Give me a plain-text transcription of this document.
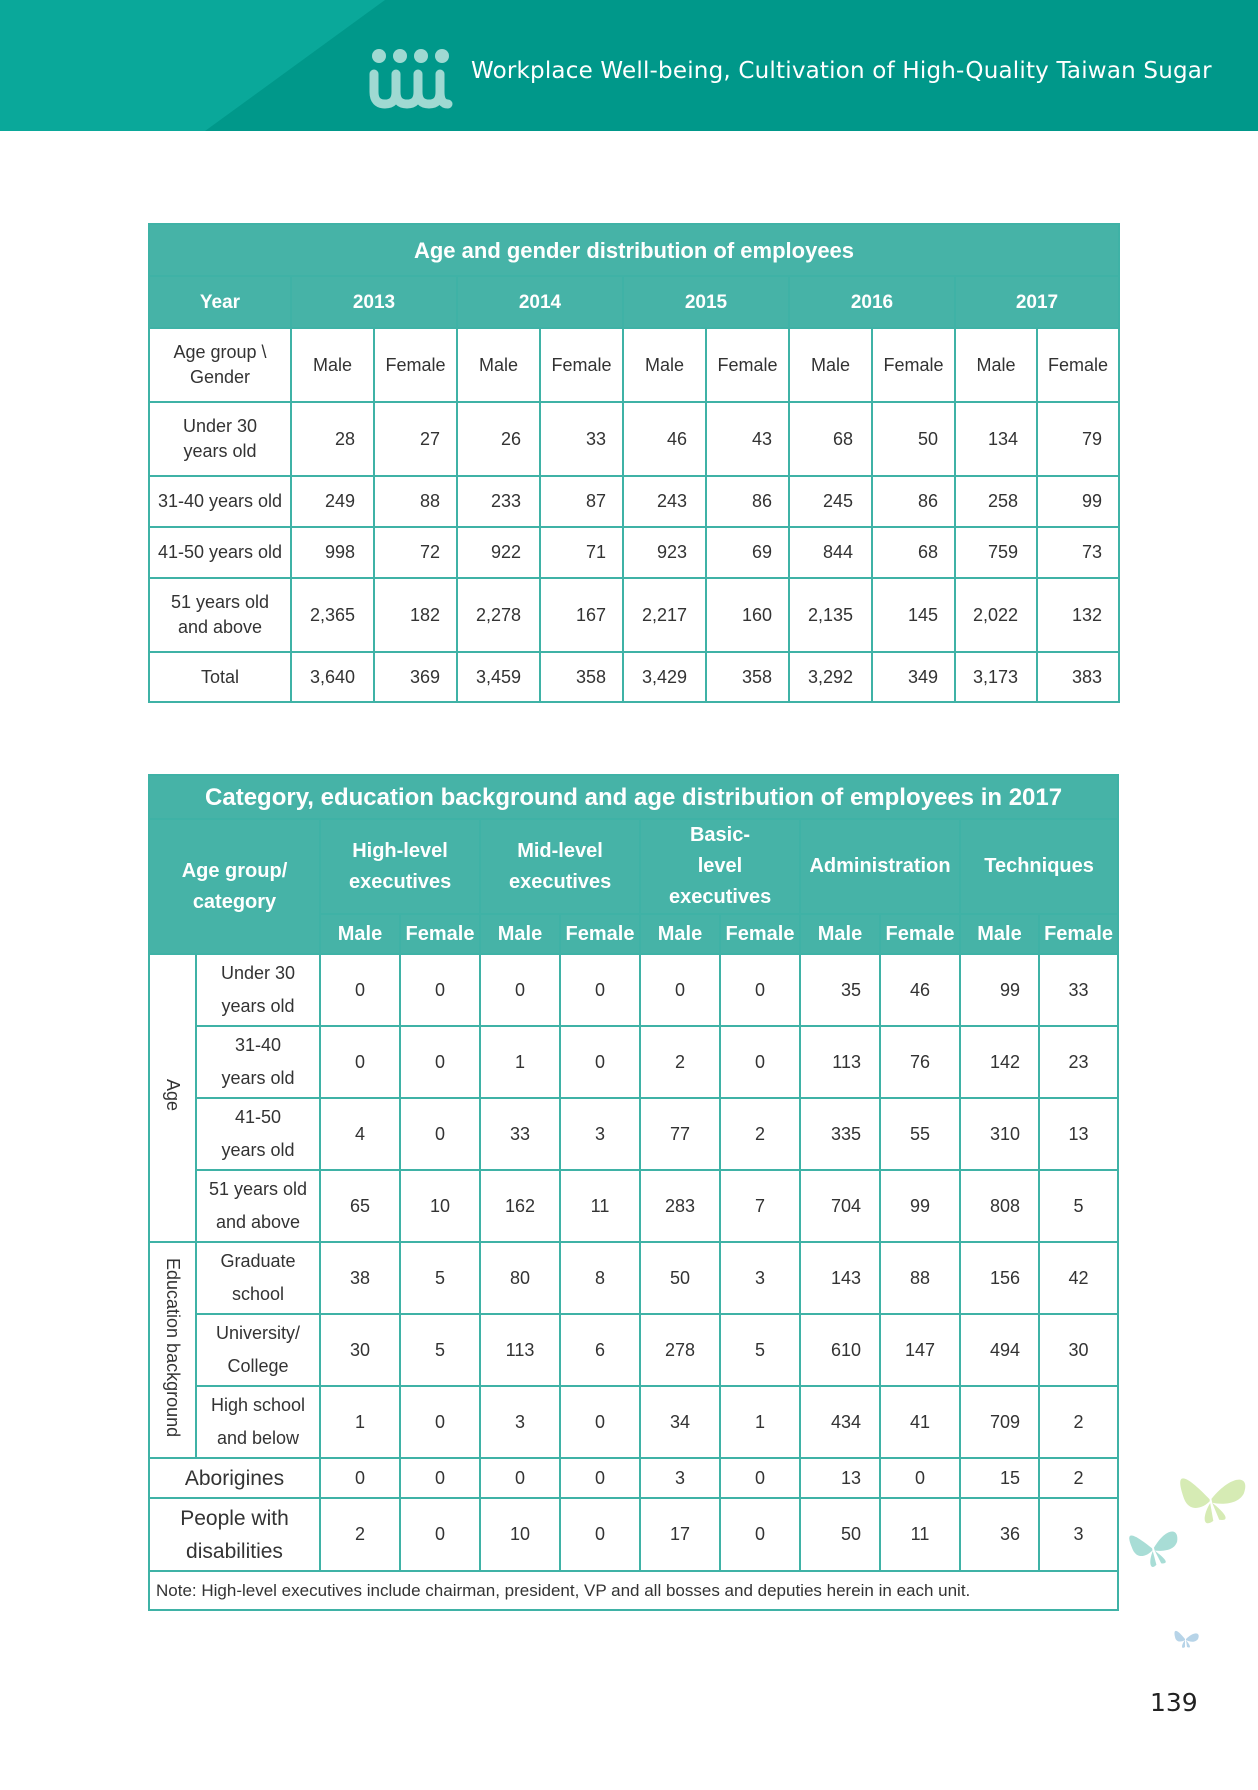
Workplace Well-being, Cultivation of High-Quality Taiwan Sugar
Age and gender distribution of employees										
Year	2013		2014		2015		2016		2017	
Age group \ Gender	Male	Female	Male	Female	Male	Female	Male	Female	Male	Female
Under 30 years old	28	27	26	33	46	43	68	50	134	79
31-40 years old	249	88	233	87	243	86	245	86	258	99
41-50 years old	998	72	922	71	923	69	844	68	759	73
51 years old and above	2,365	182	2,278	167	2,217	160	2,135	145	2,022	132
Total	3,640	369	3,459	358	3,429	358	3,292	349	3,173	383
Category, education background and age distribution of employees in 2017											
Age group/ category		High-level executives		Mid-level executives		Basic-level executives		Administration		Techniques	
		Male	Female	Male	Female	Male	Female	Male	Female	Male	Female
Age	Under 30 years old	0	0	0	0	0	0	35	46	99	33
	31-40 years old	0	0	1	0	2	0	113	76	142	23
	41-50 years old	4	0	33	3	77	2	335	55	310	13
	51 years old and above	65	10	162	11	283	7	704	99	808	5
Education background	Graduate school	38	5	80	8	50	3	143	88	156	42
	University/ College	30	5	113	6	278	5	610	147	494	30
	High school and below	1	0	3	0	34	1	434	41	709	2
Aborigines		0	0	0	0	3	0	13	0	15	2
People with disabilities		2	0	10	0	17	0	50	11	36	3
Note: High-level executives include chairman, president, VP and all bosses and deputies herein in each unit.											
139
